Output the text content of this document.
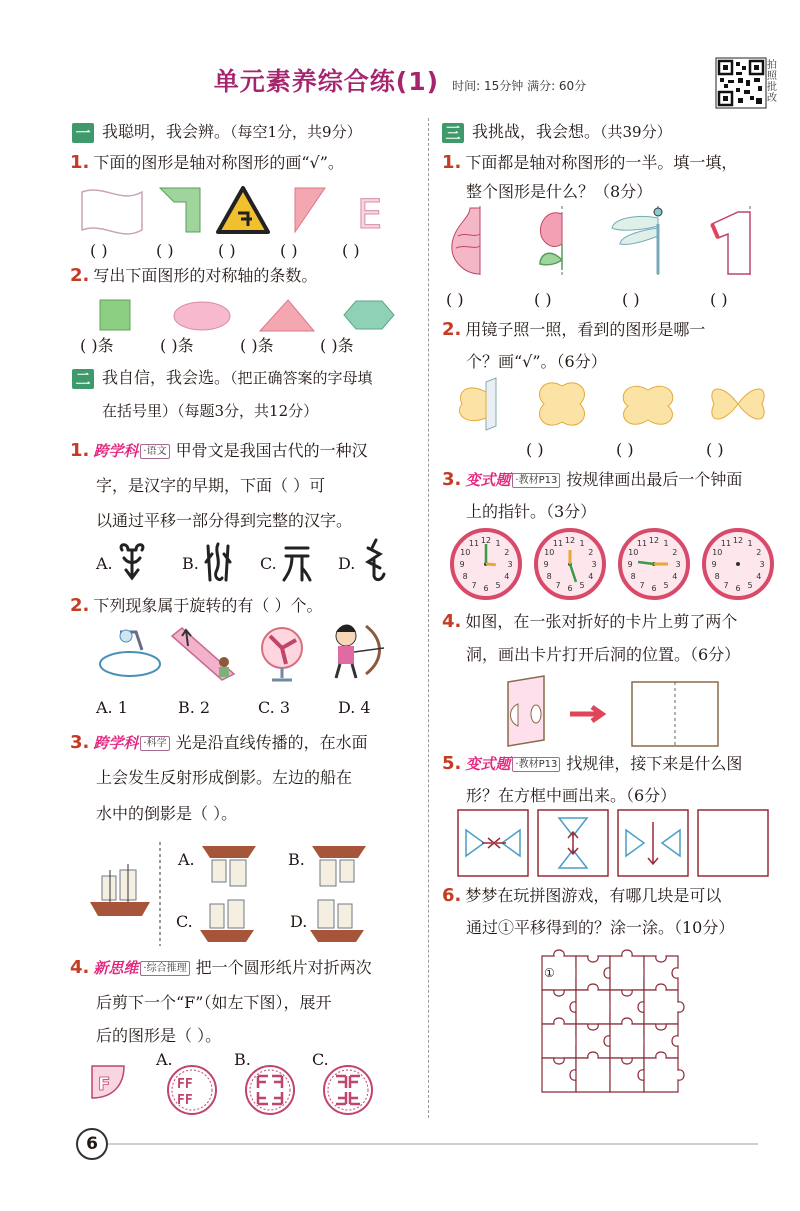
单元素养综合练(1) 时间: 15分钟 满分: 60分
拍照批改
一 我聪明，我会辨。（每空1分，共9分）
1. 下面的图形是轴对称图形的画“√”。
E
( )	( )	( )	( )	( )
2. 写出下面图形的对称轴的条数。
( )条	( )条	( )条	( )条
二 我自信，我会选。（把正确答案的字母填
在括号里）（每题3分，共12分）
1. 跨学科 ·语文 甲骨文是我国古代的一种汉
字，是汉字的早期，下面（ ）可
以通过平移一部分得到完整的汉字。
A.	B.	C.	D.
2. 下列现象属于旋转的有（ ）个。
A. 1	B. 2	C. 3	D. 4
3. 跨学科 ·科学 光是沿直线传播的，在水面
上会发生反射形成倒影。左边的船在
水中的倒影是（ ）。
A.	B.
C.	D.
4. 新思维 ·综合推理 把一个圆形纸片对折两次
后剪下一个“F”（如左下图），展开
后的图形是（ ）。
F
A.
FF
FF
B.	C.
三 我挑战，我会想。（共39分）
1. 下面都是轴对称图形的一半。填一填，
整个图形是什么？（8分）
( )	( )	( )	( )
2. 用镜子照一照，看到的图形是哪一
个？画“√”。（6分）
( )	( )	( )
3. 变式题 ·教材P13 按规律画出最后一个钟面
上的指针。（3分）
1
2
3
4
5
6
7
8
9
10
11 12	1
2
3
4
5
6
7
8
9
10
11 12	1
2
3
4
5
6
7
8
9
10
11 12	1
2
3
4
5
6
7
8
9
10
11 12
4. 如图，在一张对折好的卡片上剪了两个
洞，画出卡片打开后洞的位置。（6分）
5. 变式题 ·教材P13 找规律，接下来是什么图
形？在方框中画出来。（6分）
6. 梦梦在玩拼图游戏，有哪几块是可以
通过①平移得到的？涂一涂。（10分）
①
6
